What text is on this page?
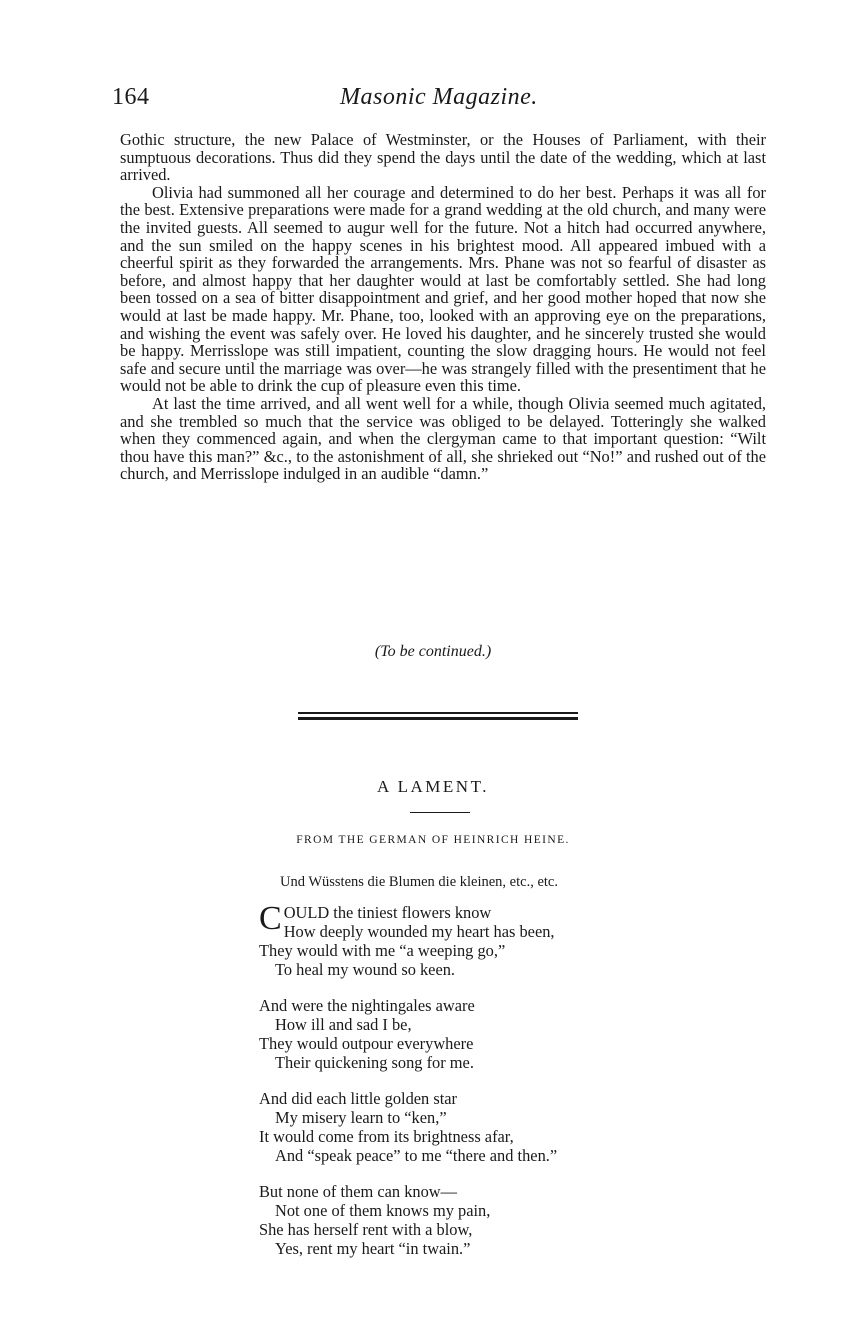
164	Masonic Magazine.

Gothic structure, the new Palace of Westminster, or the Houses of Parliament, with their sumptuous decorations. Thus did they spend the days until the date of the wedding, which at last arrived.

Olivia had summoned all her courage and determined to do her best. Perhaps it was all for the best. Extensive preparations were made for a grand wedding at the old church, and many were the invited guests. All seemed to augur well for the future. Not a hitch had occurred anywhere, and the sun smiled on the happy scenes in his brightest mood. All appeared imbued with a cheerful spirit as they forwarded the arrangements. Mrs. Phane was not so fearful of disaster as before, and almost happy that her daughter would at last be comfortably settled. She had long been tossed on a sea of bitter disappointment and grief, and her good mother hoped that now she would at last be made happy. Mr. Phane, too, looked with an approving eye on the preparations, and wishing the event was safely over. He loved his daughter, and he sincerely trusted she would be happy. Merrisslope was still impatient, counting the slow dragging hours. He would not feel safe and secure until the marriage was over—he was strangely filled with the presentiment that he would not be able to drink the cup of pleasure even this time.

At last the time arrived, and all went well for a while, though Olivia seemed much agitated, and she trembled so much that the service was obliged to be delayed. Totteringly she walked when they commenced again, and when the clergyman came to that important question: “Wilt thou have this man?” &c., to the astonishment of all, she shrieked out “No!” and rushed out of the church, and Merrisslope indulged in an audible “damn.”

(To be continued.)
A LAMENT.
FROM THE GERMAN OF HEINRICH HEINE.
Und Wüsstens die Blumen die kleinen, etc., etc.
C OULD the tiniest flowers know
How deeply wounded my heart has been,
They would with me “a weeping go,”
To heal my wound so keen.
And were the nightingales aware
How ill and sad I be,
They would outpour everywhere
Their quickening song for me.
And did each little golden star
My misery learn to “ken,”
It would come from its brightness afar,
And “speak peace” to me “there and then.”
But none of them can know—
Not one of them knows my pain,
She has herself rent with a blow,
Yes, rent my heart “in twain.”
